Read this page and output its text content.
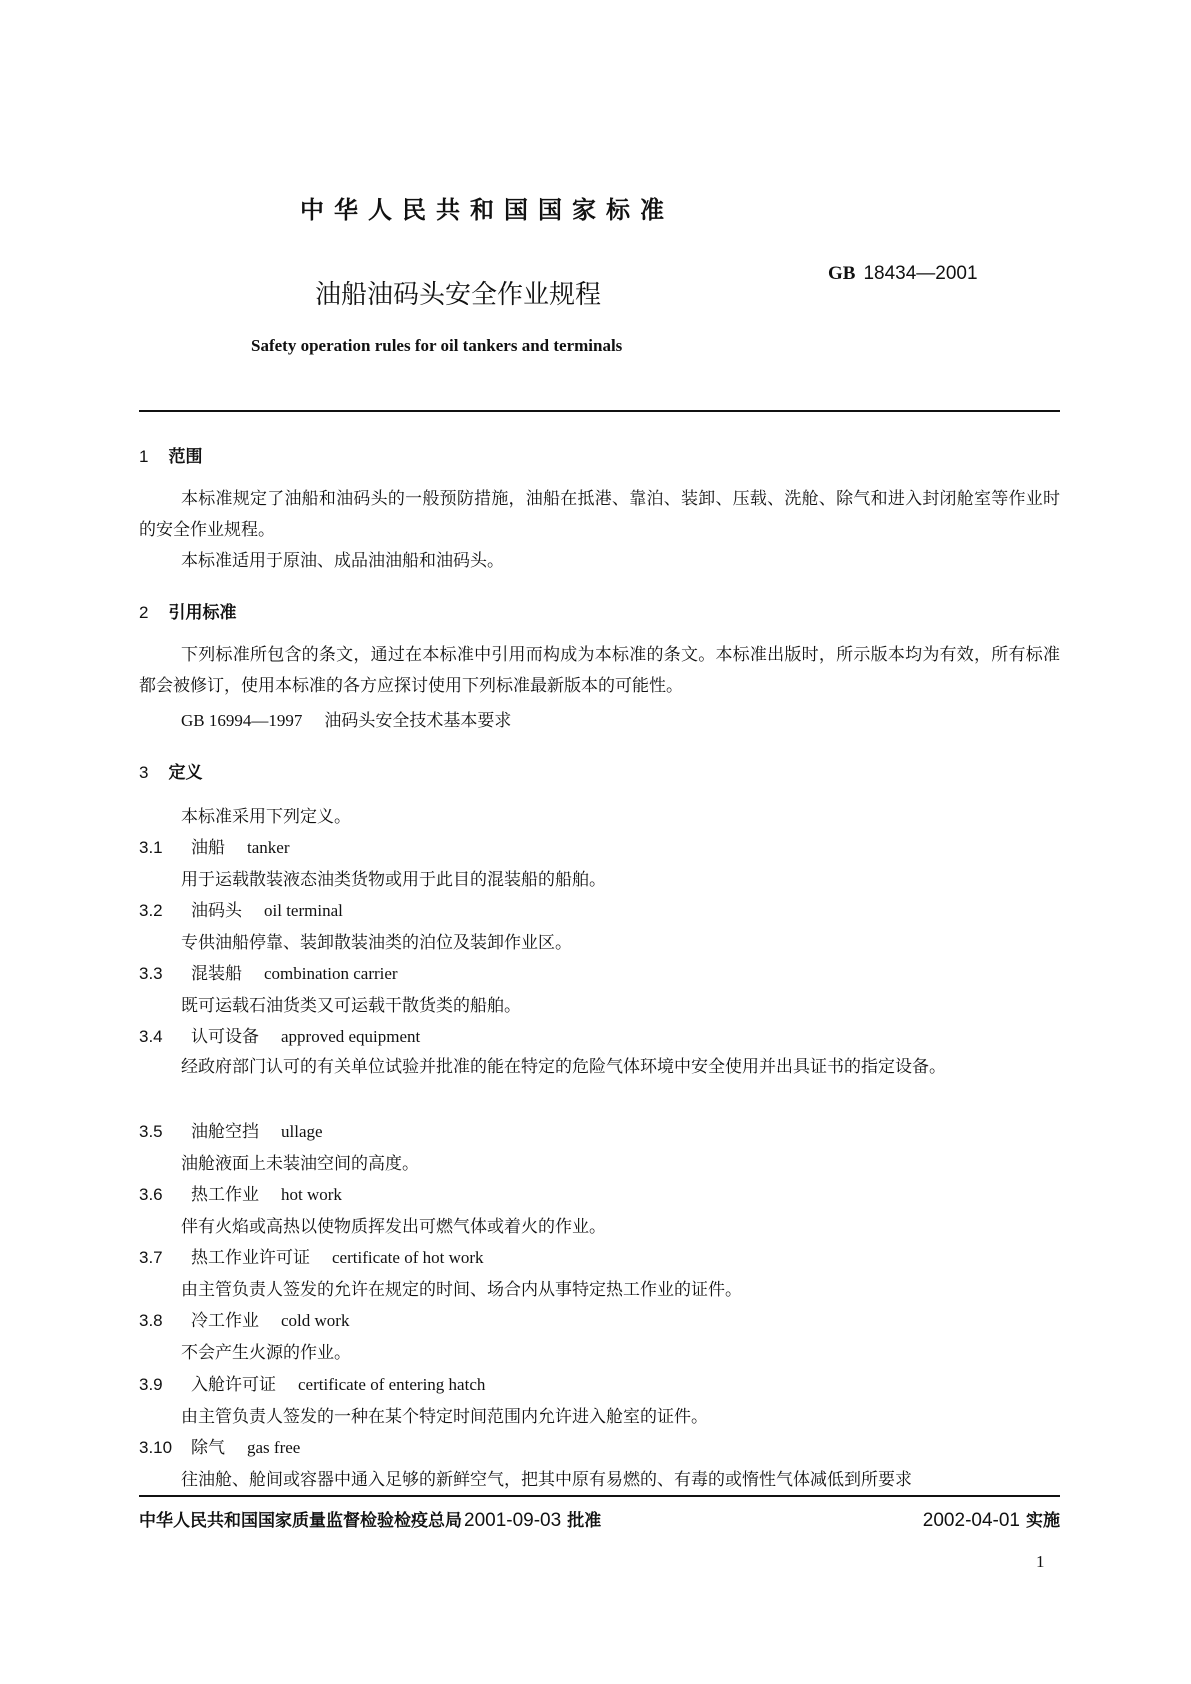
中华人民共和国国家标准
GB 18434—2001
油船油码头安全作业规程
Safety operation rules for oil tankers and terminals
1 范围
本标准规定了油船和油码头的一般预防措施，油船在抵港、靠泊、装卸、压载、洗舱、除气和进入封闭舱室等作业时的安全作业规程。
本标准适用于原油、成品油油船和油码头。
2 引用标准
下列标准所包含的条文，通过在本标准中引用而构成为本标准的条文。本标准出版时，所示版本均为有效，所有标准都会被修订，使用本标准的各方应探讨使用下列标准最新版本的可能性。
GB 16994—1997 油码头安全技术基本要求
3 定义
本标准采用下列定义。
3.1 油船 tanker
用于运载散装液态油类货物或用于此目的混装船的船舶。
3.2 油码头 oil terminal
专供油船停靠、装卸散装油类的泊位及装卸作业区。
3.3 混装船 combination carrier
既可运载石油货类又可运载干散货类的船舶。
3.4 认可设备 approved equipment
经政府部门认可的有关单位试验并批准的能在特定的危险气体环境中安全使用并出具证书的指定设备。
3.5 油舱空挡 ullage
油舱液面上未装油空间的高度。
3.6 热工作业 hot work
伴有火焰或高热以使物质挥发出可燃气体或着火的作业。
3.7 热工作业许可证 certificate of hot work
由主管负责人签发的允许在规定的时间、场合内从事特定热工作业的证件。
3.8 冷工作业 cold work
不会产生火源的作业。
3.9 入舱许可证 certificate of entering hatch
由主管负责人签发的一种在某个特定时间范围内允许进入舱室的证件。
3.10 除气 gas free
往油舱、舱间或容器中通入足够的新鲜空气，把其中原有易燃的、有毒的或惰性气体减低到所要求
中华人民共和国国家质量监督检验检疫总局 2001-09-03 批准	2002-04-01 实施
1
